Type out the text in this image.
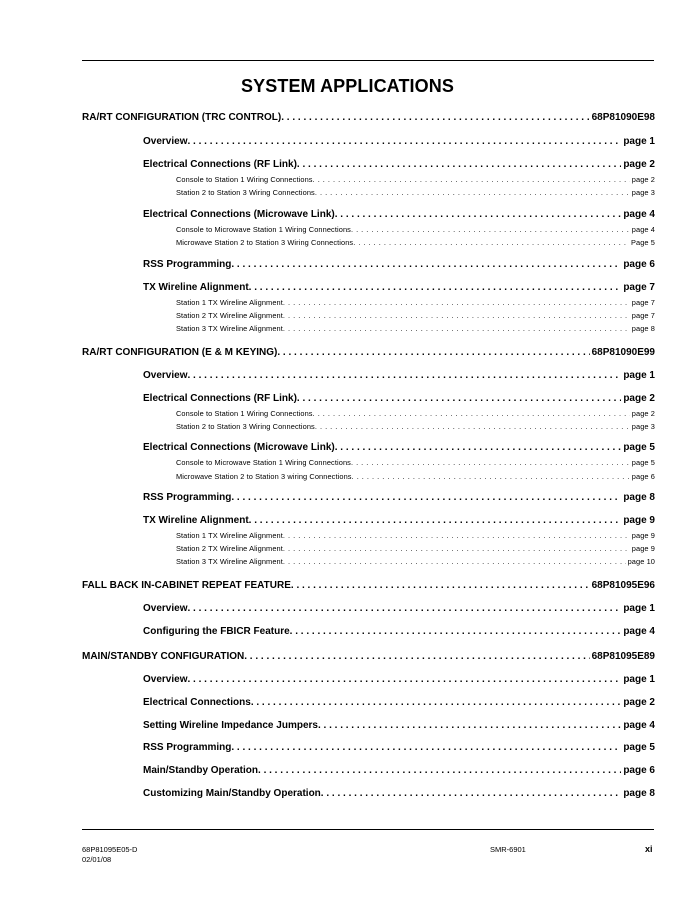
SYSTEM APPLICATIONS
RA/RT CONFIGURATION (TRC CONTROL) . . .	68P81090E98
Overview . . .	page 1
Electrical Connections (RF Link) . . .	page 2
Console to Station 1 Wiring Connections . . .	page 2
Station 2 to Station 3 Wiring Connections . . .	page 3
Electrical Connections (Microwave Link) . . .	page 4
Console to Microwave Station 1 Wiring Connections . . .	page 4
Microwave Station 2 to Station 3 Wiring Connections . . .	Page 5
RSS Programming . . .	page 6
TX Wireline Alignment . . .	page 7
Station 1 TX Wireline Alignment . . .	page 7
Station 2 TX Wireline Alignment . . .	page 7
Station 3 TX Wireline Alignment . . .	page 8
RA/RT CONFIGURATION (E & M KEYING) . . .	68P81090E99
Overview . . .	page 1
Electrical Connections (RF Link) . . .	page 2
Console to Station 1 Wiring Connections . . .	page 2
Station 2 to Station 3 Wiring Connections . . .	page 3
Electrical Connections (Microwave Link) . . .	page 5
Console to Microwave Station 1 Wiring Connections . . .	page 5
Microwave Station 2 to Station 3 wiring Connections . . .	page 6
RSS Programming . . .	page 8
TX Wireline Alignment . . .	page 9
Station 1 TX Wireline Alignment . . .	page 9
Station 2 TX Wireline Alignment . . .	page 9
Station 3 TX Wireline Alignment . . .	page 10
FALL BACK IN-CABINET REPEAT FEATURE . . .	68P81095E96
Overview . . .	page 1
Configuring the FBICR Feature . . .	page 4
MAIN/STANDBY CONFIGURATION . . .	68P81095E89
Overview . . .	page 1
Electrical Connections . . .	page 2
Setting Wireline Impedance Jumpers . . .	page 4
RSS Programming . . .	page 5
Main/Standby Operation . . .	page 6
Customizing Main/Standby Operation . . .	page 8
68P81095E05-D
02/01/08
SMR-6901	xi
